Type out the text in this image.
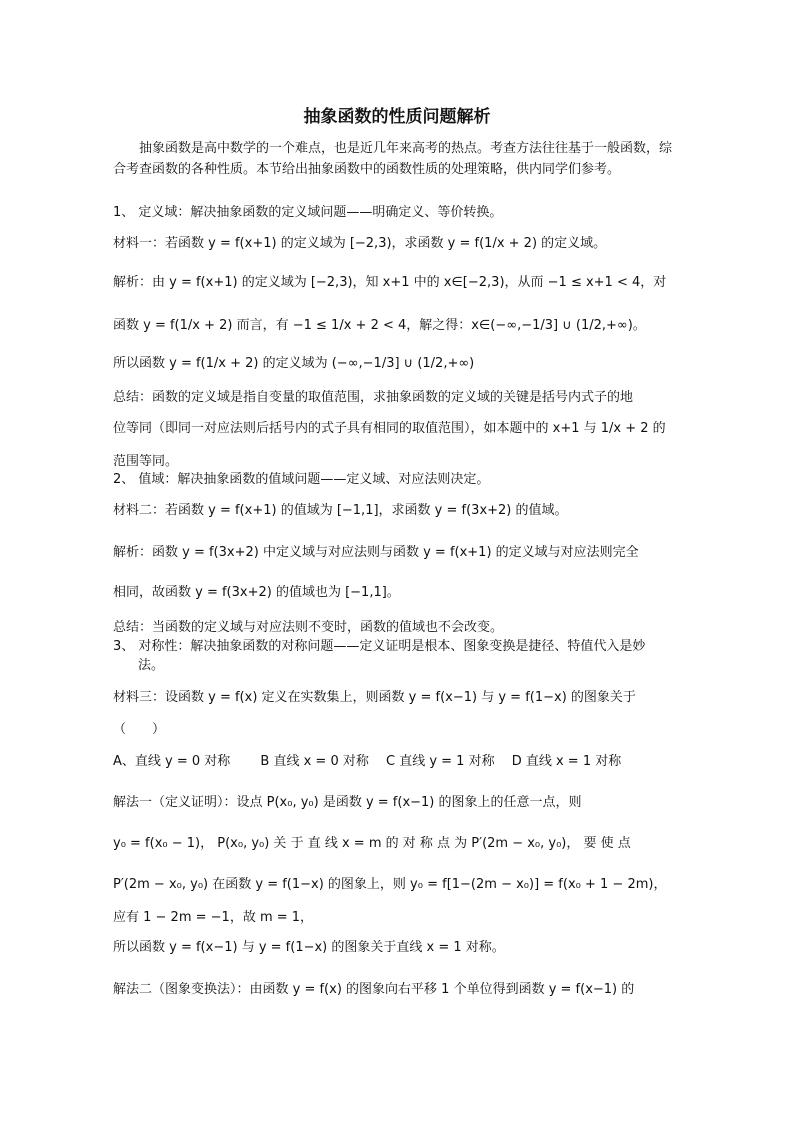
抽象函数的性质问题解析
抽象函数是高中数学的一个难点，也是近几年来高考的热点。考查方法往往基于一般函数，综合考查函数的各种性质。本节给出抽象函数中的函数性质的处理策略，供内同学们参考。
1、 定义域：解决抽象函数的定义域问题——明确定义、等价转换。
材料一：若函数 y = f(x+1) 的定义域为 [−2,3)，求函数 y = f(1/x + 2) 的定义域。
解析：由 y = f(x+1) 的定义域为 [−2,3)，知 x+1 中的 x∈[−2,3)，从而 −1 ≤ x+1 < 4，对
函数 y = f(1/x + 2) 而言，有 −1 ≤ 1/x + 2 < 4，解之得：x∈(−∞,−1/3] ∪ (1/2,+∞)。
所以函数 y = f(1/x + 2) 的定义域为 (−∞,−1/3] ∪ (1/2,+∞)
总结：函数的定义域是指自变量的取值范围，求抽象函数的定义域的关键是括号内式子的地
位等同（即同一对应法则后括号内的式子具有相同的取值范围），如本题中的 x+1 与 1/x + 2 的
范围等同。
2、 值域：解决抽象函数的值域问题——定义域、对应法则决定。
材料二：若函数 y = f(x+1) 的值域为 [−1,1]，求函数 y = f(3x+2) 的值域。
解析：函数 y = f(3x+2) 中定义域与对应法则与函数 y = f(x+1) 的定义域与对应法则完全
相同，故函数 y = f(3x+2) 的值域也为 [−1,1]。
总结：当函数的定义域与对应法则不变时，函数的值域也不会改变。
3、 对称性：解决抽象函数的对称问题——定义证明是根本、图象变换是捷径、特值代入是妙
法。
材料三：设函数 y = f(x) 定义在实数集上，则函数 y = f(x−1) 与 y = f(1−x) 的图象关于
（　　）
A、直线 y = 0 对称　　 B 直线 x = 0 对称　 C 直线 y = 1 对称　 D 直线 x = 1 对称
解法一（定义证明）：设点 P(x₀, y₀) 是函数 y = f(x−1) 的图象上的任意一点，则
y₀ = f(x₀ − 1)， P(x₀, y₀) 关 于 直 线 x = m 的 对 称 点 为 P′(2m − x₀, y₀)， 要 使 点
P′(2m − x₀, y₀) 在函数 y = f(1−x) 的图象上，则 y₀ = f[1−(2m − x₀)] = f(x₀ + 1 − 2m)，
应有 1 − 2m = −1，故 m = 1，
所以函数 y = f(x−1) 与 y = f(1−x) 的图象关于直线 x = 1 对称。
解法二（图象变换法）：由函数 y = f(x) 的图象向右平移 1 个单位得到函数 y = f(x−1) 的
